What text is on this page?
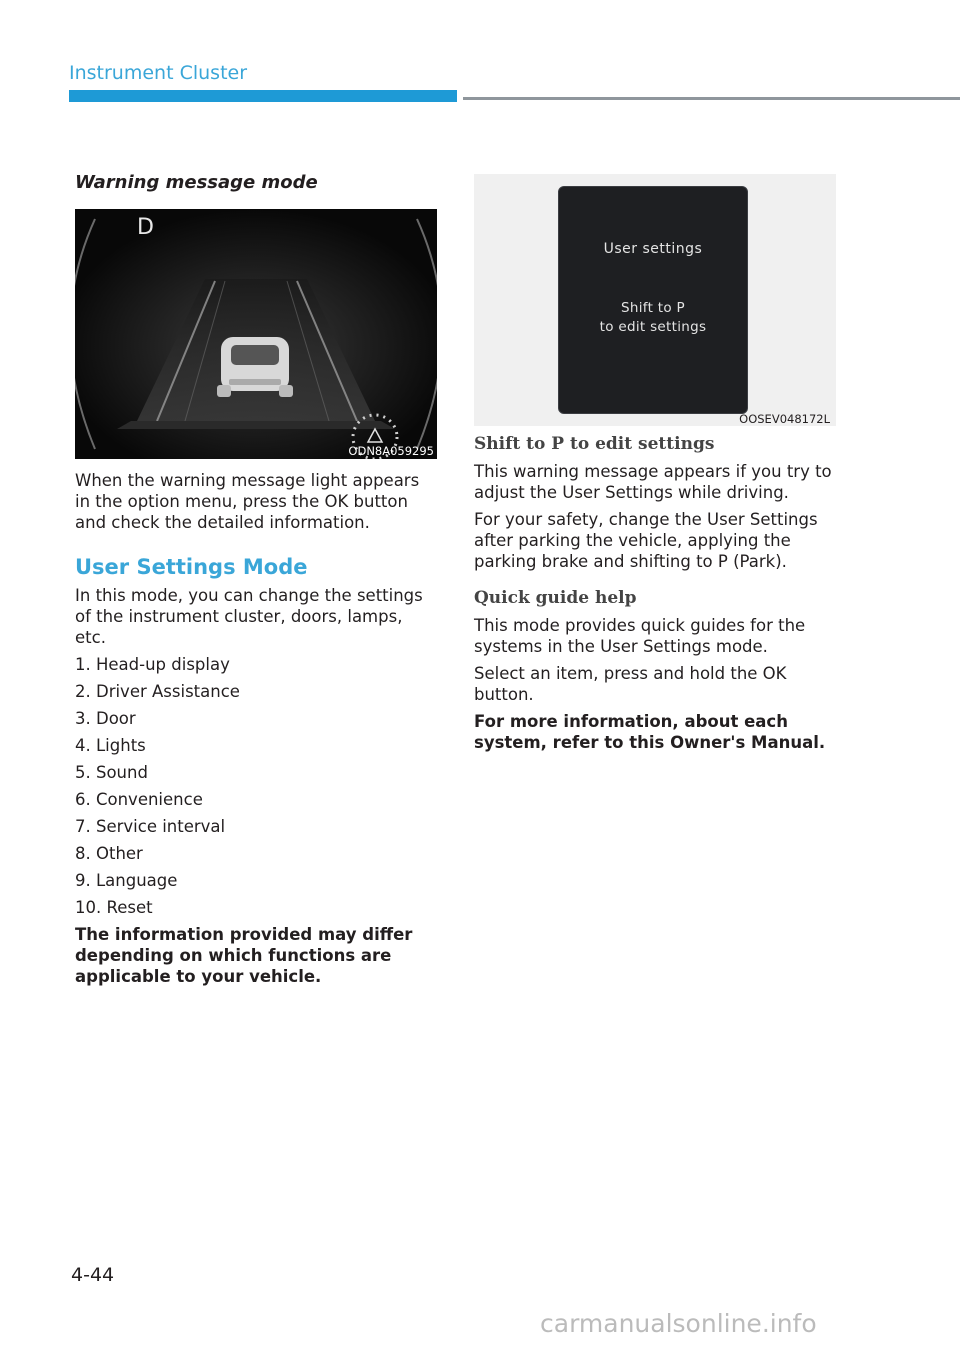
Instrument Cluster
Warning message mode
D
ODN8A059295
When the warning message light appears in the option menu, press the OK button and check the detailed information.
User Settings Mode
In this mode, you can change the settings of the instrument cluster, doors, lamps, etc.
1. Head-up display
2. Driver Assistance
3. Door
4. Lights
5. Sound
6. Convenience
7. Service interval
8. Other
9. Language
10. Reset
The information provided may differ depending on which functions are applicable to your vehicle.
User settings
Shift to P
to edit settings
OOSEV048172L
Shift to P to edit settings
This warning message appears if you try to adjust the User Settings while driving.
For your safety, change the User Settings after parking the vehicle, applying the parking brake and shifting to P (Park).
Quick guide help
This mode provides quick guides for the systems in the User Settings mode.
Select an item, press and hold the OK button.
For more information, about each system, refer to this Owner's Manual.
4-44
carmanualsonline.info
